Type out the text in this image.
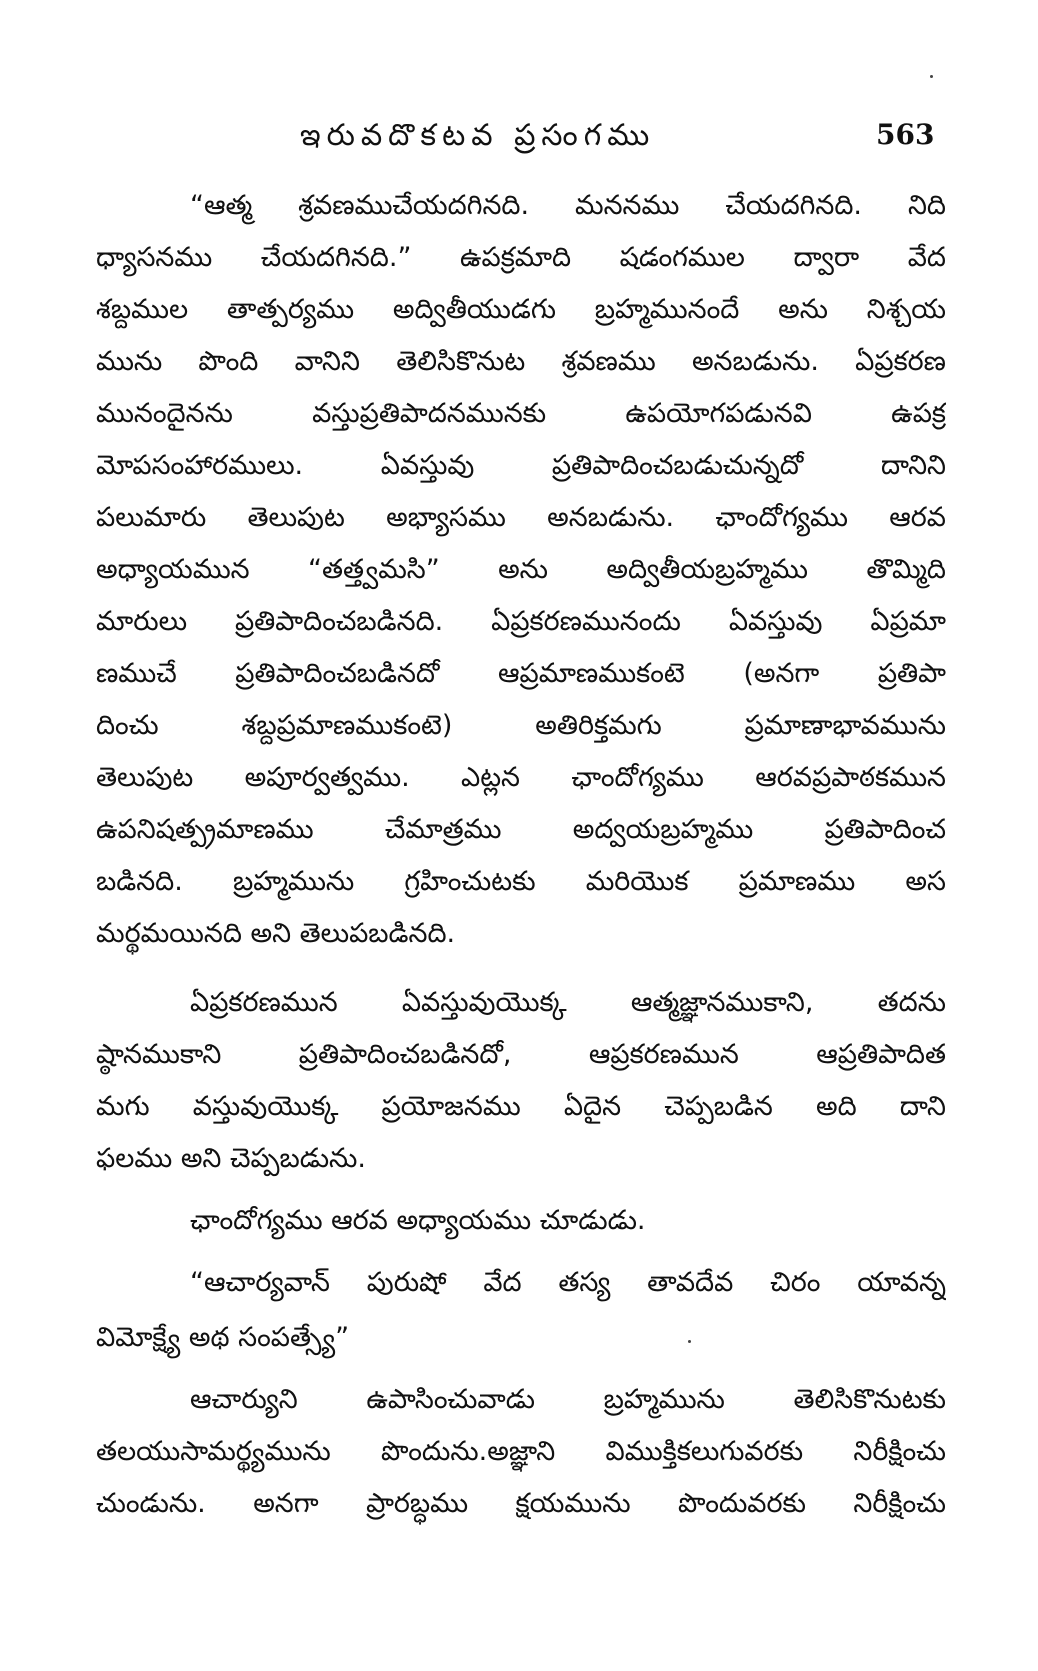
ఇరువదొకటవ ప్రసంగము	563
“ఆత్మ శ్రవణముచేయదగినది. మననము చేయదగినది. నిది
ధ్యాసనము చేయదగినది.” ఉపక్రమాది షడంగముల ద్వారా వేద
శబ్దముల తాత్పర్యము అద్వితీయుడగు బ్రహ్మమునందే అను నిశ్చయ
మును పొంది వానిని తెలిసికొనుట శ్రవణము అనబడును. ఏప్రకరణ
మునందైనను వస్తుప్రతిపాదనమునకు ఉపయోగపడునవి ఉపక్ర
మోపసంహారములు. ఏవస్తువు ప్రతిపాదించబడుచున్నదో దానిని
పలుమారు తెలుపుట అభ్యాసము అనబడును. ఛాందోగ్యము ఆరవ
అధ్యాయమున “తత్త్వమసి” అను అద్వితీయబ్రహ్మము తొమ్మిది
మారులు ప్రతిపాదించబడినది. ఏప్రకరణమునందు ఏవస్తువు ఏప్రమా
ణముచే ప్రతిపాదించబడినదో ఆప్రమాణముకంటె (అనగా ప్రతిపా
దించు శబ్దప్రమాణముకంటె) అతిరిక్తమగు ప్రమాణాభావమును
తెలుపుట అపూర్వత్వము. ఎట్లన ఛాందోగ్యము ఆరవప్రపాఠకమున
ఉపనిషత్ప్రమాణము చేమాత్రము అద్వయబ్రహ్మము ప్రతిపాదించ
బడినది. బ్రహ్మమును గ్రహించుటకు మరియొక ప్రమాణము అస
మర్థమయినది అని తెలుపబడినది.
ఏప్రకరణమున ఏవస్తువుయొక్క ఆత్మజ్ఞానముకాని, తదను
ష్ఠానముకాని ప్రతిపాదించబడినదో, ఆప్రకరణమున ఆప్రతిపాదిత
మగు వస్తువుయొక్క ప్రయోజనము ఏదైన చెప్పబడిన అది దాని
ఫలము అని చెప్పబడును.
ఛాందోగ్యము ఆరవ అధ్యాయము చూడుడు.
“ఆచార్యవాన్ పురుషో వేద తస్య తావదేవ చిరం యావన్న
విమోక్ష్యే అథ సంపత్స్యే”
ఆచార్యుని ఉపాసించువాడు బ్రహ్మమును తెలిసికొనుటకు
తలయుసామర్థ్యమును పొందును.అజ్ఞాని విముక్తికలుగువరకు నిరీక్షించు
చుండును. అనగా ప్రారబ్ధము క్షయమును పొందువరకు నిరీక్షించు
